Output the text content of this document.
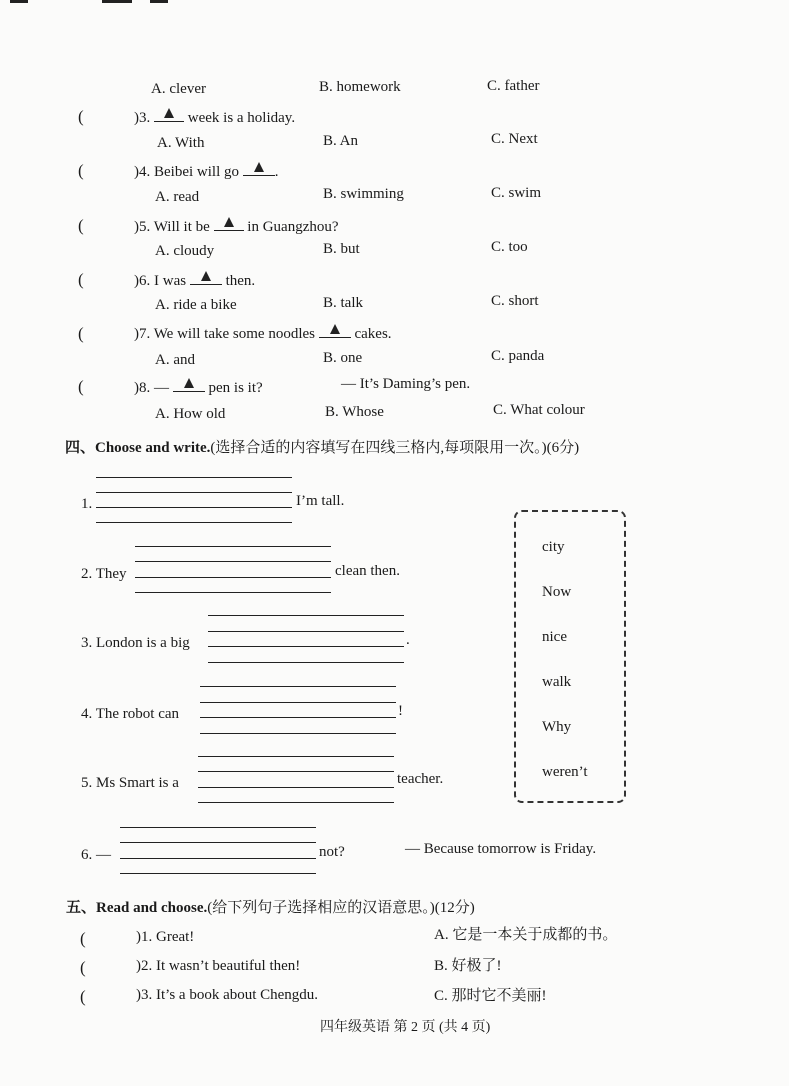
A. clever	B. homework	C. father
(	)3.
week is a holiday.
A. With	B. An	C. Next
(	)4. Beibei will go
.
A. read	B. swimming	C. swim
(	)5. Will it be
in Guangzhou?
A. cloudy	B. but	C. too
(	)6. I was
then.
A. ride a bike	B. talk	C. short
(	)7. We will take some noodles
cakes.
A. and	B. one	C. panda
(	)8. —
pen is it?	— It’s Daming’s pen.
A. How old	B. Whose	C. What colour
四、Choose and write.(选择合适的内容填写在四线三格内,每项限用一次。)(6分)
1.	I’m tall.
2. They	clean then.
3. London is a big	.
4. The robot can	!
5. Ms Smart is a	teacher.
6. —	not?	— Because tomorrow is Friday.
city
Now
nice
walk
Why
weren’t
五、Read and choose.(给下列句子选择相应的汉语意思。)(12分)
(	)1. Great!	A. 它是一本关于成都的书。
(	)2. It wasn’t beautiful then!	B. 好极了!
(	)3. It’s a book about Chengdu.	C. 那时它不美丽!
四年级英语 第 2 页 (共 4 页)
